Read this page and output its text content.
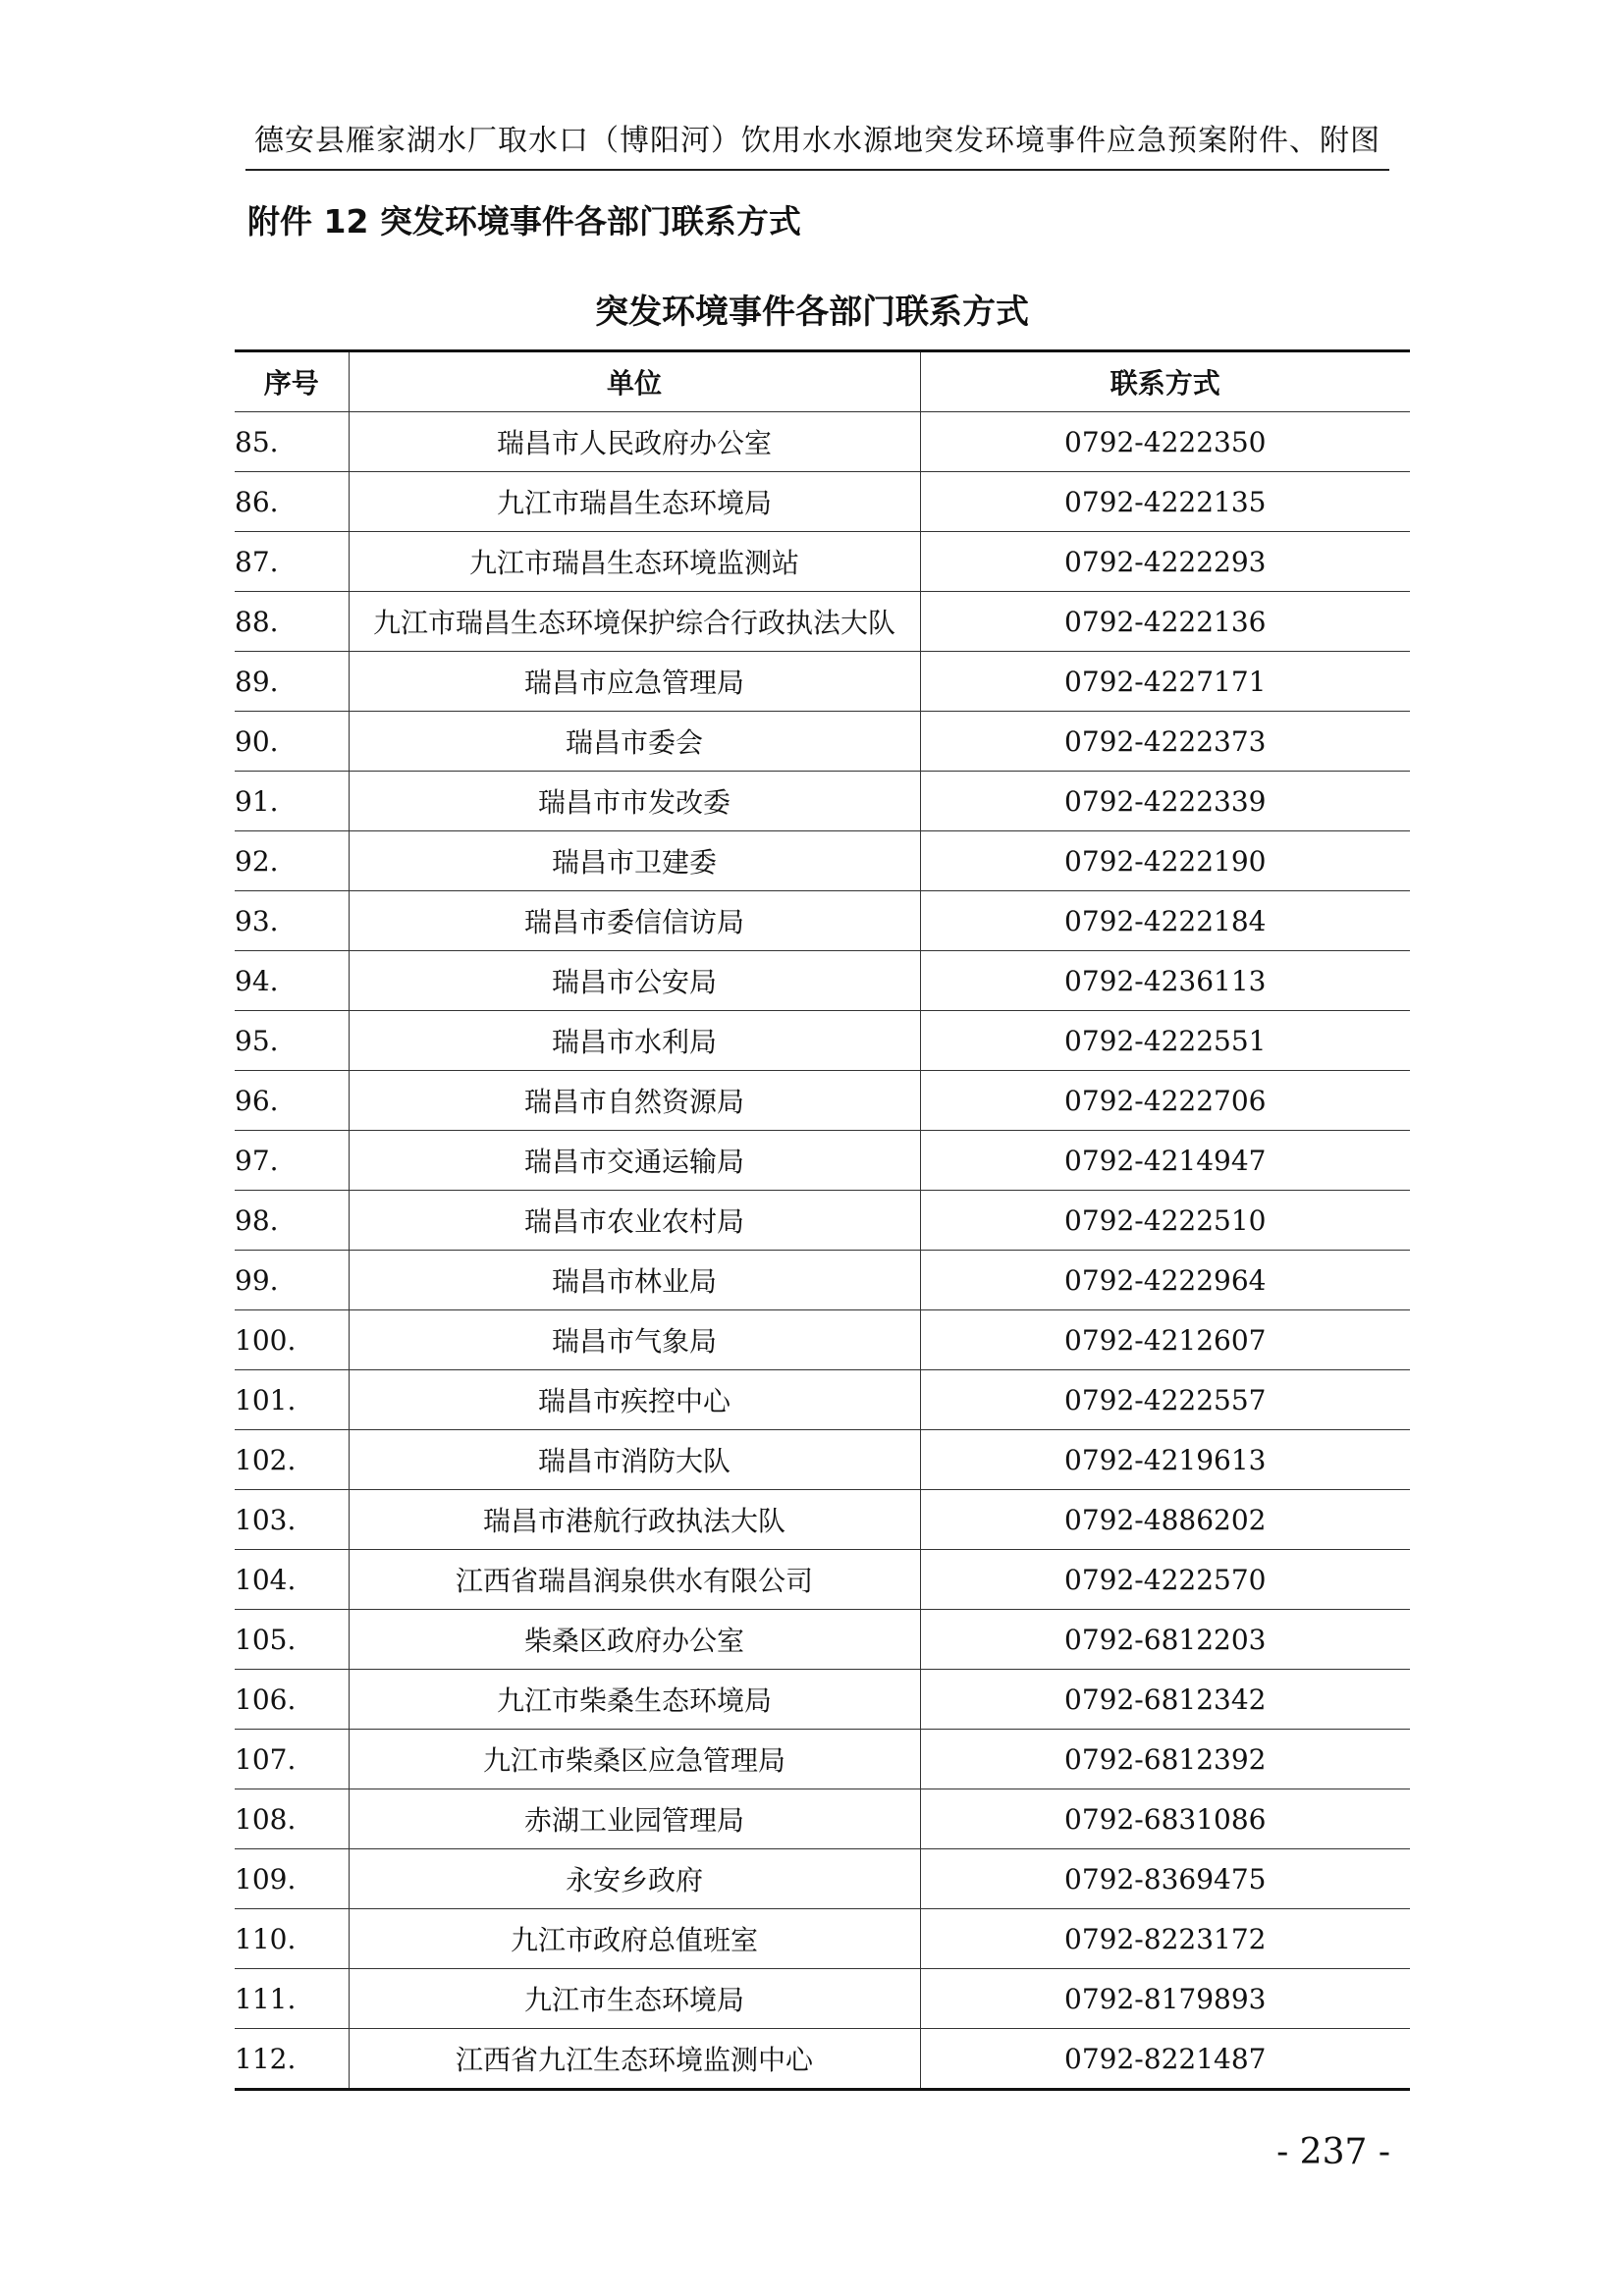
德安县雁家湖水厂取水口（博阳河）饮用水水源地突发环境事件应急预案附件、附图
附件 12 突发环境事件各部门联系方式
突发环境事件各部门联系方式
序号	单位	联系方式
85.	瑞昌市人民政府办公室	0792-4222350
86.	九江市瑞昌生态环境局	0792-4222135
87.	九江市瑞昌生态环境监测站	0792-4222293
88.	九江市瑞昌生态环境保护综合行政执法大队	0792-4222136
89.	瑞昌市应急管理局	0792-4227171
90.	瑞昌市委会	0792-4222373
91.	瑞昌市市发改委	0792-4222339
92.	瑞昌市卫建委	0792-4222190
93.	瑞昌市委信信访局	0792-4222184
94.	瑞昌市公安局	0792-4236113
95.	瑞昌市水利局	0792-4222551
96.	瑞昌市自然资源局	0792-4222706
97.	瑞昌市交通运输局	0792-4214947
98.	瑞昌市农业农村局	0792-4222510
99.	瑞昌市林业局	0792-4222964
100.	瑞昌市气象局	0792-4212607
101.	瑞昌市疾控中心	0792-4222557
102.	瑞昌市消防大队	0792-4219613
103.	瑞昌市港航行政执法大队	0792-4886202
104.	江西省瑞昌润泉供水有限公司	0792-4222570
105.	柴桑区政府办公室	0792-6812203
106.	九江市柴桑生态环境局	0792-6812342
107.	九江市柴桑区应急管理局	0792-6812392
108.	赤湖工业园管理局	0792-6831086
109.	永安乡政府	0792-8369475
110.	九江市政府总值班室	0792-8223172
111.	九江市生态环境局	0792-8179893
112.	江西省九江生态环境监测中心	0792-8221487
- 237 -
